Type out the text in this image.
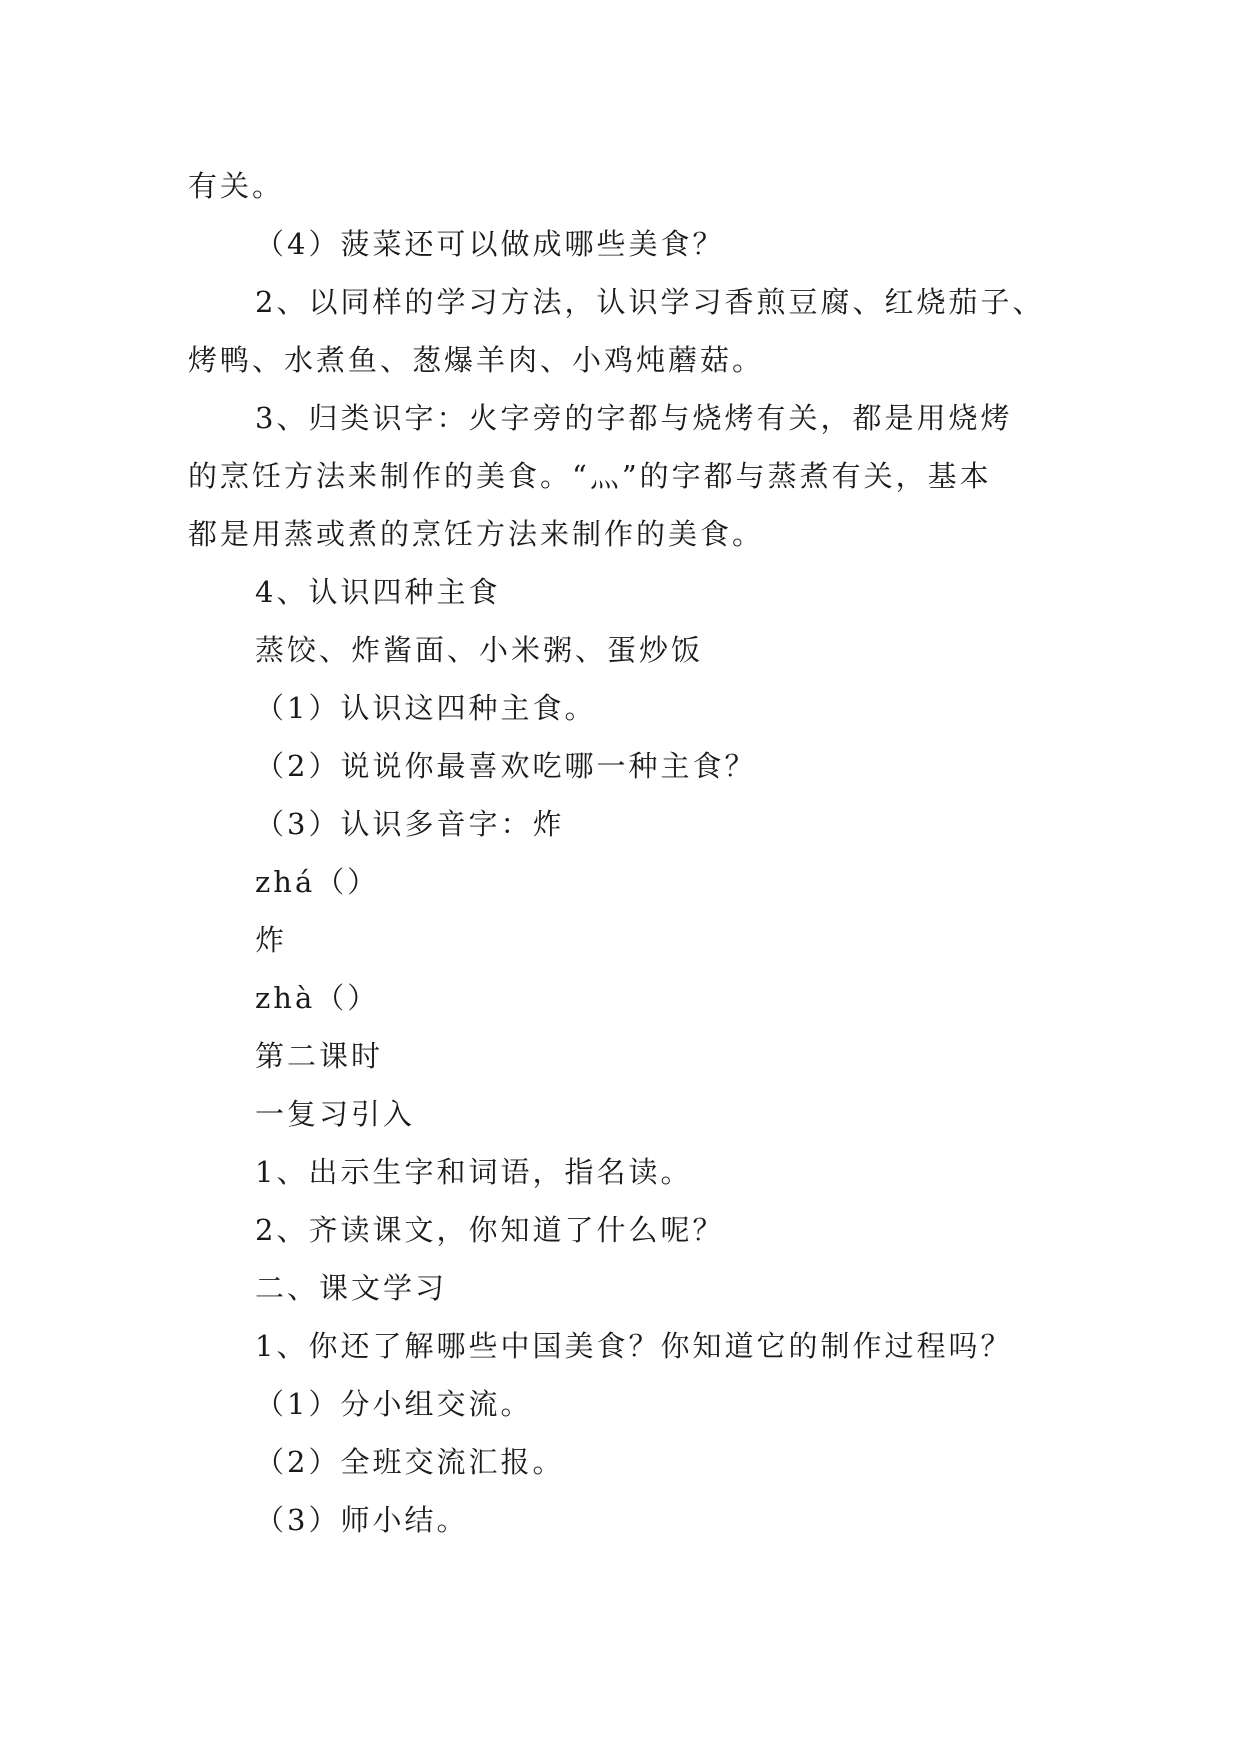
有关。
（4）菠菜还可以做成哪些美食？
2、以同样的学习方法，认识学习香煎豆腐、红烧茄子、
烤鸭、水煮鱼、葱爆羊肉、小鸡炖蘑菇。
3、归类识字：火字旁的字都与烧烤有关，都是用烧烤
的烹饪方法来制作的美食。“灬”的字都与蒸煮有关，基本
都是用蒸或煮的烹饪方法来制作的美食。
4、认识四种主食
蒸饺、炸酱面、小米粥、蛋炒饭
（1）认识这四种主食。
（2）说说你最喜欢吃哪一种主食？
（3）认识多音字：炸
zhá（）
炸
zhà（）
第二课时
一复习引入
1、出示生字和词语，指名读。
2、齐读课文，你知道了什么呢？
二、课文学习
1、你还了解哪些中国美食？你知道它的制作过程吗？
（1）分小组交流。
（2）全班交流汇报。
（3）师小结。
